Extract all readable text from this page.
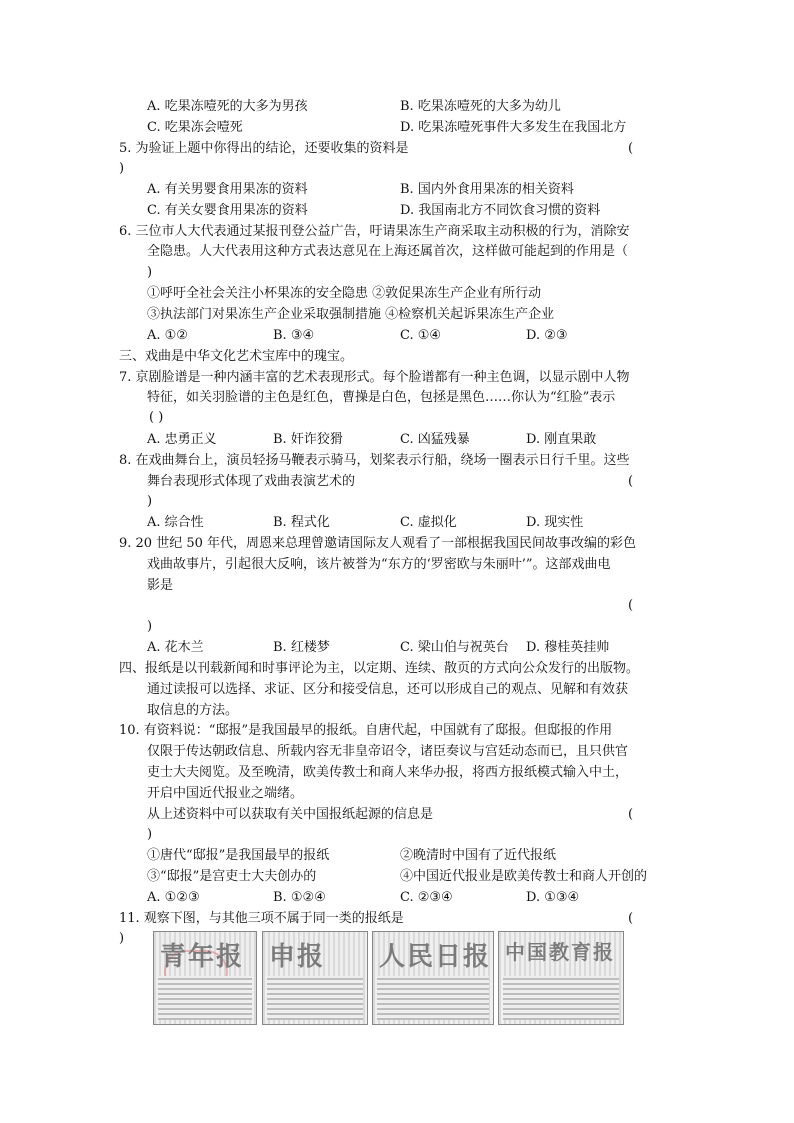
A. 吃果冻噎死的大多为男孩	B. 吃果冻噎死的大多为幼儿
C. 吃果冻会噎死	D. 吃果冻噎死事件大多发生在我国北方
5. 为验证上题中你得出的结论，还要收集的资料是	(
)
A. 有关男婴食用果冻的资料	B. 国内外食用果冻的相关资料
C. 有关女婴食用果冻的资料	D. 我国南北方不同饮食习惯的资料
6. 三位市人大代表通过某报刊登公益广告，吁请果冻生产商采取主动积极的行为，消除安
全隐患。人大代表用这种方式表达意见在上海还属首次，这样做可能起到的作用是（
)
①呼吁全社会关注小杯果冻的安全隐患 ②敦促果冻生产企业有所行动
③执法部门对果冻生产企业采取强制措施 ④检察机关起诉果冻生产企业
A. ①②	B. ③④	C. ①④	D. ②③
三、戏曲是中华文化艺术宝库中的瑰宝。
7. 京剧脸谱是一种内涵丰富的艺术表现形式。每个脸谱都有一种主色调，以显示剧中人物
特征，如关羽脸谱的主色是红色，曹操是白色，包拯是黑色……你认为“红脸”表示
( )
A. 忠勇正义	B. 奸诈狡猾	C. 凶猛残暴	D. 刚直果敢
8. 在戏曲舞台上，演员轻扬马鞭表示骑马，划桨表示行船，绕场一圈表示日行千里。这些
舞台表现形式体现了戏曲表演艺术的	(
)
A. 综合性	B. 程式化	C. 虚拟化	D. 现实性
9. 20 世纪 50 年代，周恩来总理曾邀请国际友人观看了一部根据我国民间故事改编的彩色
戏曲故事片，引起很大反响，该片被誉为“东方的‘罗密欧与朱丽叶’”。这部戏曲电
影是
(
)
A. 花木兰	B. 红楼梦	C. 梁山伯与祝英台 D. 穆桂英挂帅
四、报纸是以刊载新闻和时事评论为主，以定期、连续、散页的方式向公众发行的出版物。
通过读报可以选择、求证、区分和接受信息，还可以形成自己的观点、见解和有效获
取信息的方法。
10. 有资料说：“邸报”是我国最早的报纸。自唐代起，中国就有了邸报。但邸报的作用
仅限于传达朝政信息、所载内容无非皇帝诏令，诸臣奏议与宫廷动态而已，且只供官
吏士大夫阅览。及至晚清，欧美传教士和商人来华办报，将西方报纸模式输入中土，
开启中国近代报业之端绪。
从上述资料中可以获取有关中国报纸起源的信息是	(
)
①唐代“邸报”是我国最早的报纸	②晚清时中国有了近代报纸
③“邸报”是宫吏士大夫创办的	④中国近代报业是欧美传教士和商人开创的
A. ①②③	B. ①②④	C. ②③④	D. ①③④
11. 观察下图，与其他三项不属于同一类的报纸是	(
)
青年报 申报 人民日报 中国教育报
